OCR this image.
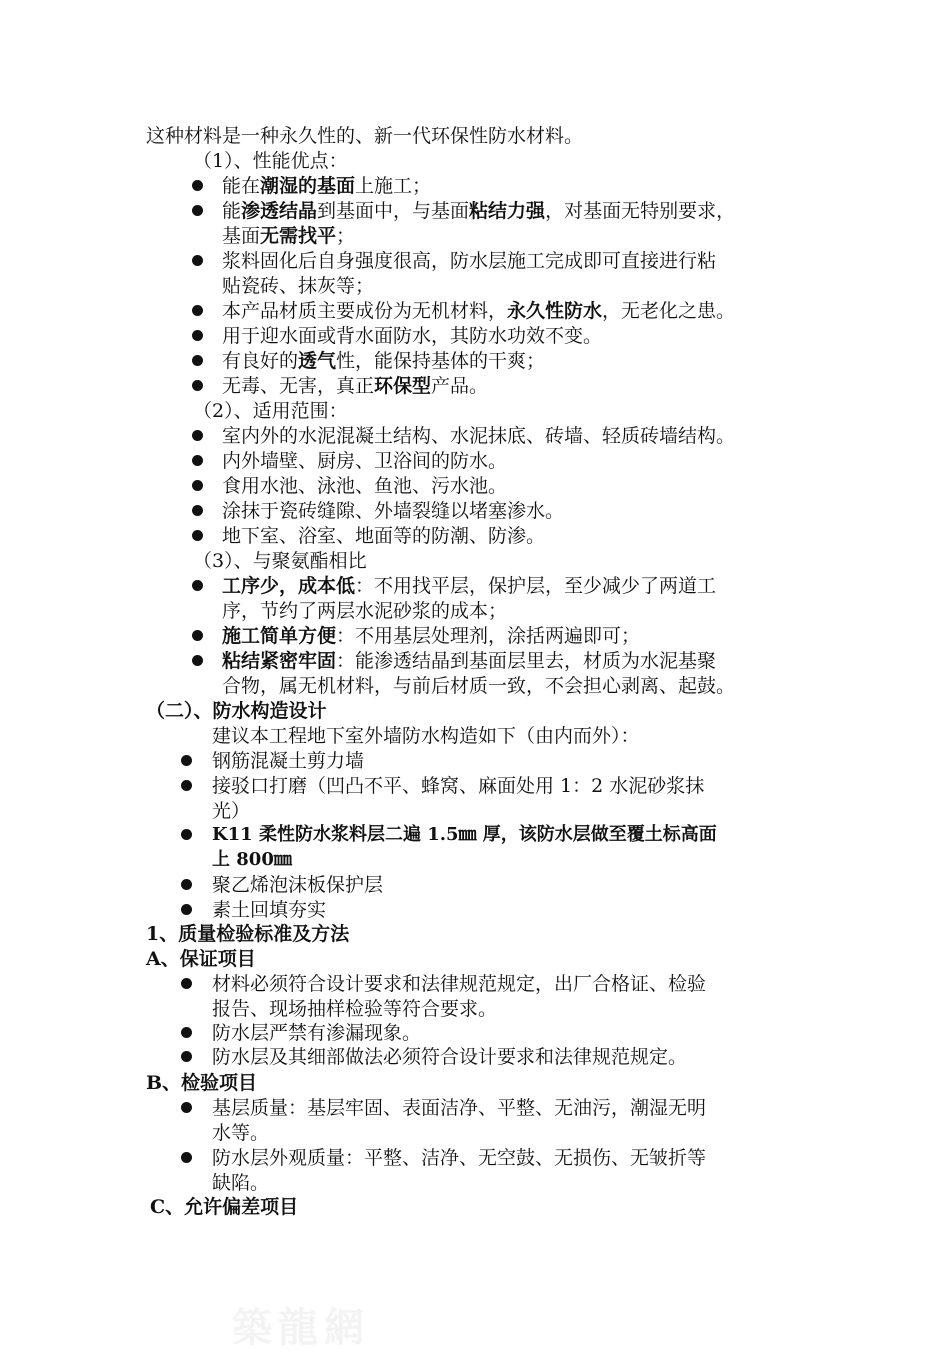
这种材料是一种永久性的、新一代环保性防水材料。
（1）、性能优点：
能在潮湿的基面上施工；
能渗透结晶到基面中，与基面粘结力强，对基面无特别要求，
基面无需找平；
浆料固化后自身强度很高，防水层施工完成即可直接进行粘
贴瓷砖、抹灰等；
本产品材质主要成份为无机材料，永久性防水，无老化之患。
用于迎水面或背水面防水，其防水功效不变。
有良好的透气性，能保持基体的干爽；
无毒、无害，真正环保型产品。
（2）、适用范围：
室内外的水泥混凝土结构、水泥抹底、砖墙、轻质砖墙结构。
内外墙壁、厨房、卫浴间的防水。
食用水池、泳池、鱼池、污水池。
涂抹于瓷砖缝隙、外墙裂缝以堵塞渗水。
地下室、浴室、地面等的防潮、防渗。
（3）、与聚氨酯相比
工序少，成本低：不用找平层，保护层，至少减少了两道工
序，节约了两层水泥砂浆的成本；
施工简单方便：不用基层处理剂，涂括两遍即可；
粘结紧密牢固：能渗透结晶到基面层里去，材质为水泥基聚
合物，属无机材料，与前后材质一致，不会担心剥离、起鼓。
（二）、防水构造设计
建议本工程地下室外墙防水构造如下（由内而外）：
钢筋混凝土剪力墙
接驳口打磨（凹凸不平、蜂窝、麻面处用 1：2 水泥砂浆抹
光）
K11 柔性防水浆料层二遍 1.5㎜ 厚，该防水层做至覆土标高面
上 800㎜
聚乙烯泡沫板保护层
素土回填夯实
1、质量检验标准及方法
A、保证项目
材料必须符合设计要求和法律规范规定，出厂合格证、检验
报告、现场抽样检验等符合要求。
防水层严禁有渗漏现象。
防水层及其细部做法必须符合设计要求和法律规范规定。
B、检验项目
基层质量：基层牢固、表面洁净、平整、无油污，潮湿无明
水等。
防水层外观质量：平整、洁净、无空鼓、无损伤、无皱折等
缺陷。
C、允许偏差项目
築龍網
